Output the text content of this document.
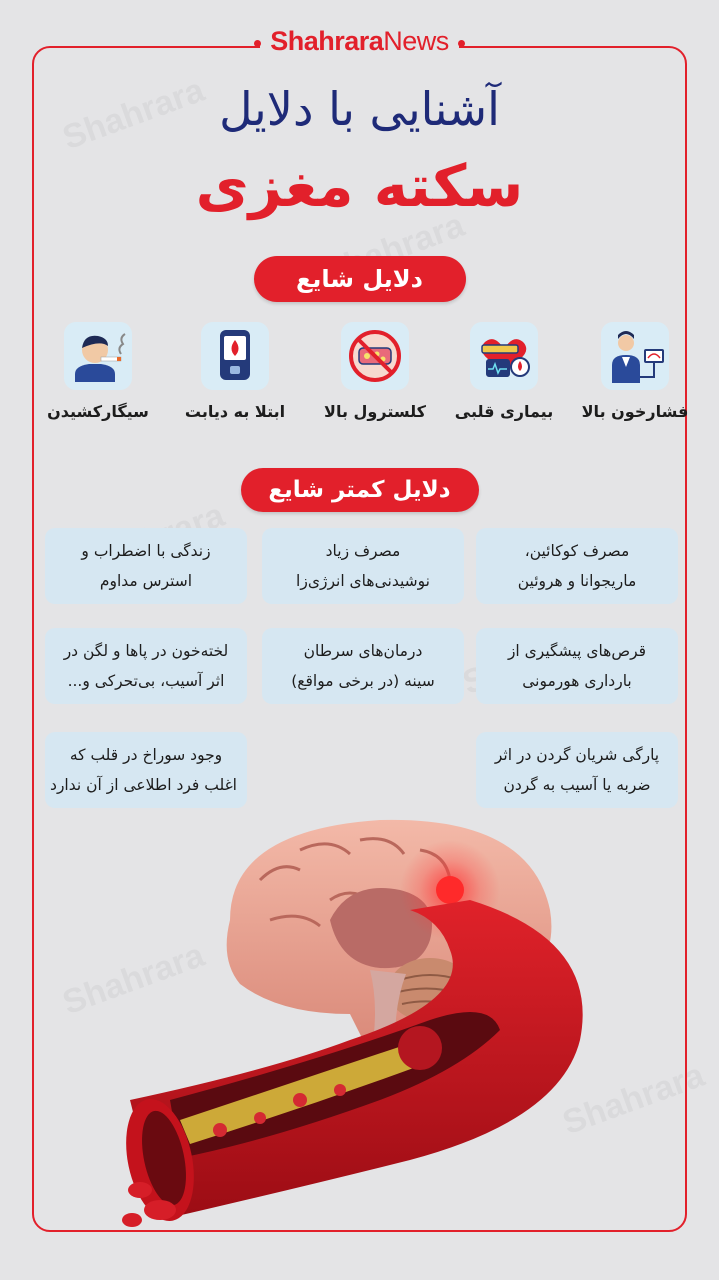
ShahraraNews
آشنایی با دلایل
سکته مغزی
دلایل شایع
فشارخون بالا
بیماری قلبی
کلسترول بالا
ابتلا به دیابت
سیگارکشیدن
دلایل کمتر شایع
مصرف کوکائین،
ماریجوانا و هروئین
مصرف زیاد
نوشیدنی‌های انرژی‌زا
زندگی با اضطراب و
استرس مداوم
قرص‌های پیشگیری از
بارداری هورمونی
درمان‌های سرطان
سینه (در برخی مواقع)
لخته‌خون در پاها و لگن در
اثر آسیب، بی‌تحرکی و...
پارگی شریان گردن در اثر
ضربه یا آسیب به گردن
وجود سوراخ در قلب که
اغلب فرد اطلاعی از آن ندارد
